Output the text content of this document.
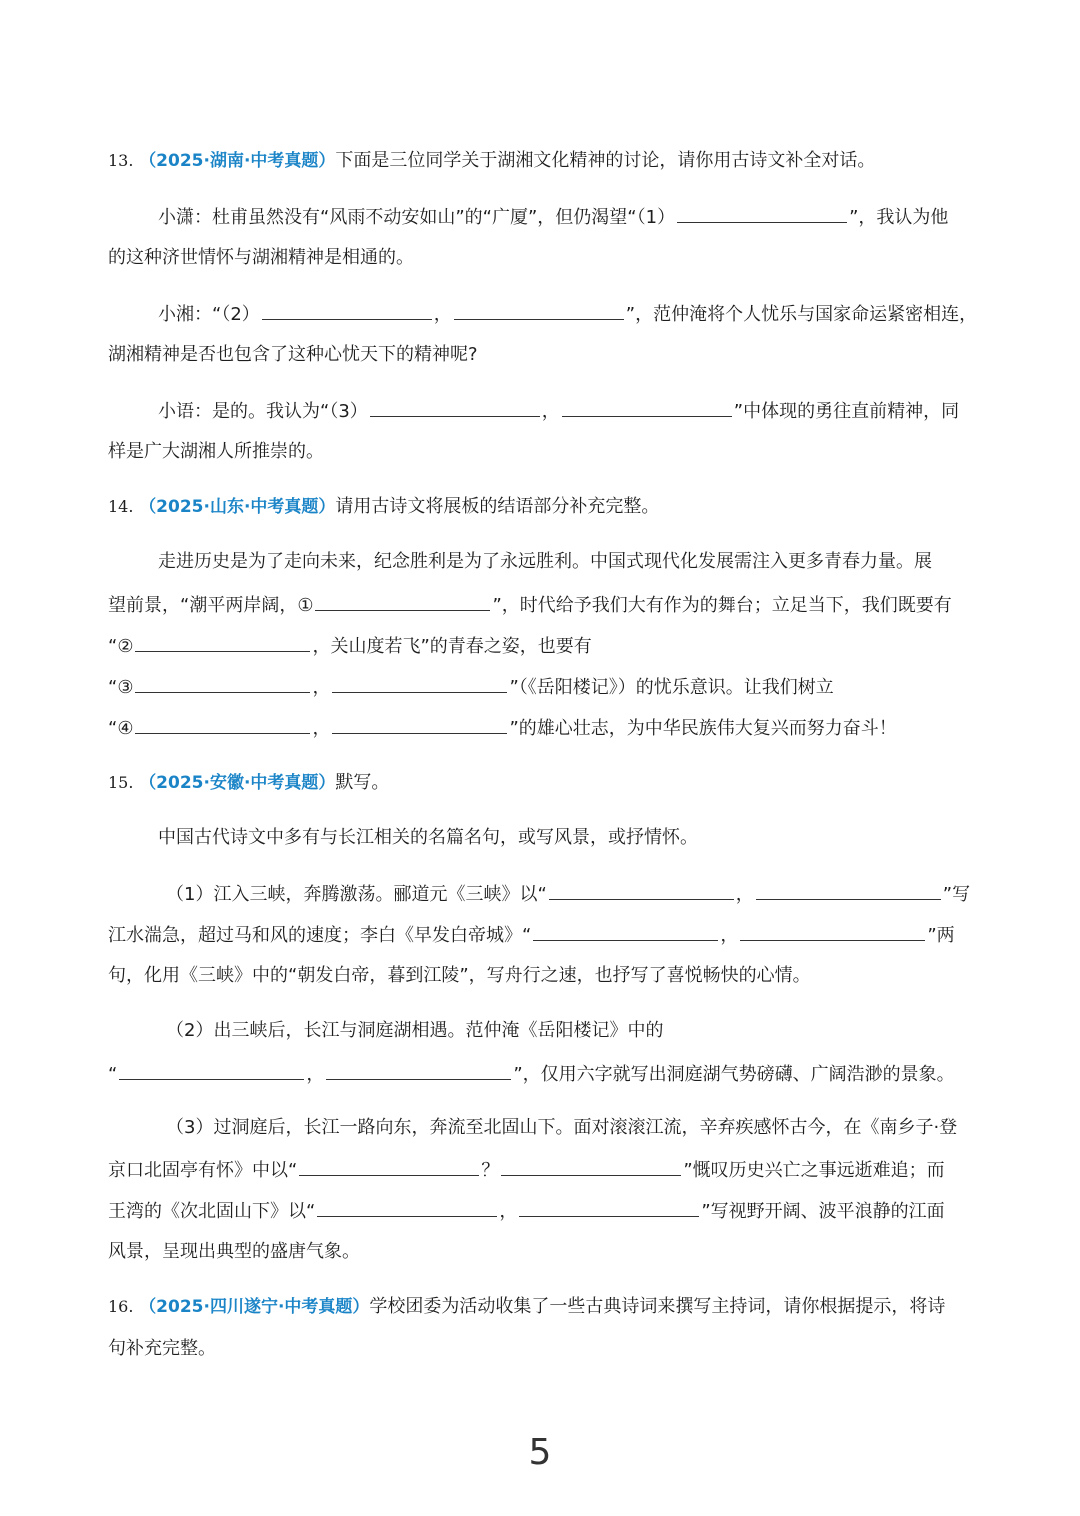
13. （2025·湖南·中考真题）下面是三位同学关于湖湘文化精神的讨论，请你用古诗文补全对话。
小潇：杜甫虽然没有“风雨不动安如山”的“广厦”，但仍渴望“（1）	”，我认为他
的这种济世情怀与湖湘精神是相通的。
小湘：“（2）	，	”，范仲淹将个人忧乐与国家命运紧密相连，
湖湘精神是否也包含了这种心忧天下的精神呢?
小语：是的。我认为“（3）	，	”中体现的勇往直前精神，同
样是广大湖湘人所推崇的。
14. （2025·山东·中考真题）请用古诗文将展板的结语部分补充完整。
走进历史是为了走向未来，纪念胜利是为了永远胜利。中国式现代化发展需注入更多青春力量。展
望前景，“潮平两岸阔，①	”，时代给予我们大有作为的舞台；立足当下，我们既要有
“②	，关山度若飞”的青春之姿，也要有
“③	，	”（《岳阳楼记》）的忧乐意识。让我们树立
“④	，	”的雄心壮志，为中华民族伟大复兴而努力奋斗！
15. （2025·安徽·中考真题）默写。
中国古代诗文中多有与长江相关的名篇名句，或写风景，或抒情怀。
（1）江入三峡，奔腾激荡。郦道元《三峡》以“	，	”写
江水湍急，超过马和风的速度；李白《早发白帝城》“	，	”两
句，化用《三峡》中的“朝发白帝，暮到江陵”，写舟行之速，也抒写了喜悦畅快的心情。
（2）出三峡后，长江与洞庭湖相遇。范仲淹《岳阳楼记》中的
“	，	”，仅用六字就写出洞庭湖气势磅礴、广阔浩渺的景象。
（3）过洞庭后，长江一路向东，奔流至北固山下。面对滚滚江流，辛弃疾感怀古今，在《南乡子·登
京口北固亭有怀》中以“	？	”慨叹历史兴亡之事远逝难追；而
王湾的《次北固山下》以“	，	”写视野开阔、波平浪静的江面
风景，呈现出典型的盛唐气象。
16. （2025·四川遂宁·中考真题）学校团委为活动收集了一些古典诗词来撰写主持词，请你根据提示，将诗
句补充完整。
5
